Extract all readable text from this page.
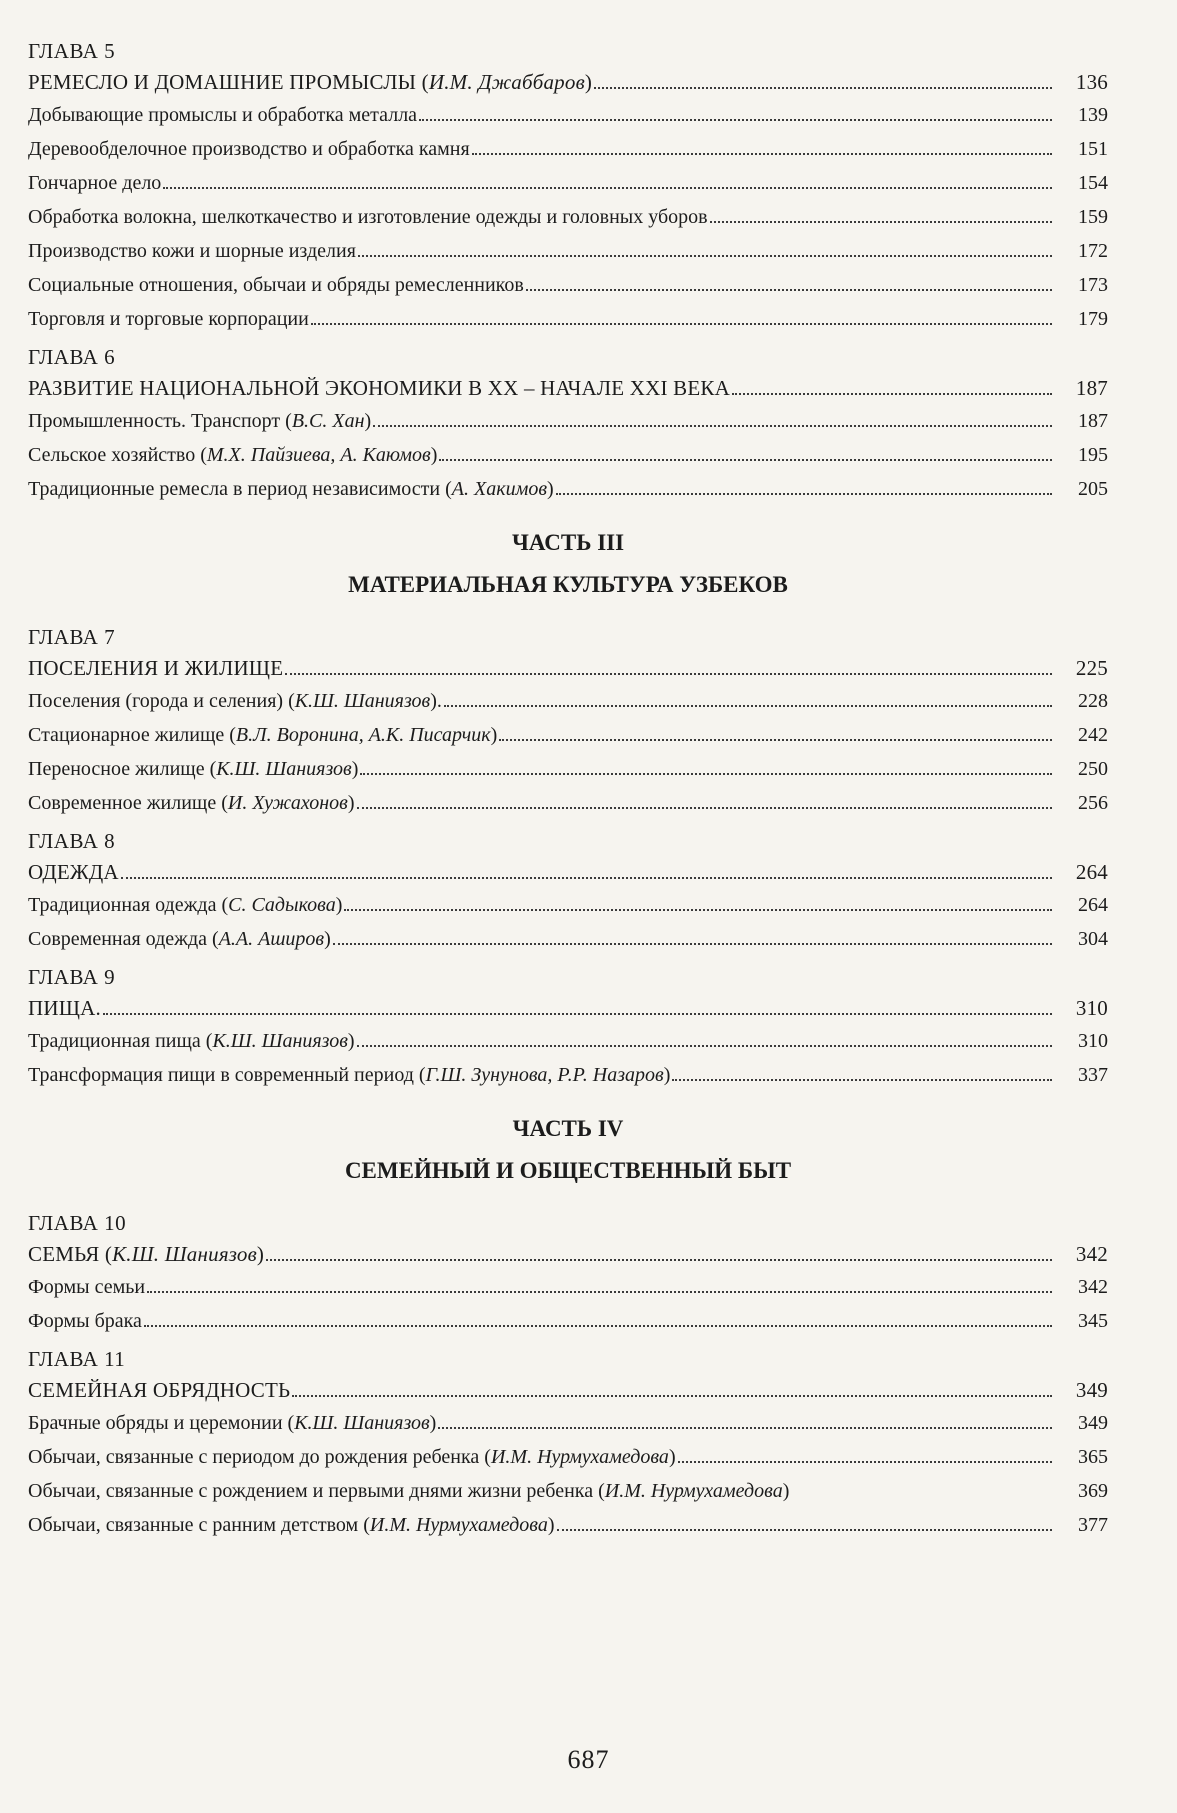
ГЛАВА 5
РЕМЕСЛО И ДОМАШНИЕ ПРОМЫСЛЫ (И.М. Джаббаров)	136
Добывающие промыслы и обработка металла	139
Деревообделочное производство и обработка камня	151
Гончарное дело	154
Обработка волокна, шелкоткачество и изготовление одежды и головных уборов	159
Производство кожи и шорные изделия	172
Социальные отношения, обычаи и обряды ремесленников	173
Торговля и торговые корпорации	179
ГЛАВА 6
РАЗВИТИЕ НАЦИОНАЛЬНОЙ ЭКОНОМИКИ В ХХ – НАЧАЛЕ XXI ВЕКА	187
Промышленность. Транспорт (В.С. Хан)	187
Сельское хозяйство (М.Х. Пайзиева, А. Каюмов)	195
Традиционные ремесла в период независимости (А. Хакимов)	205
ЧАСТЬ III
МАТЕРИАЛЬНАЯ КУЛЬТУРА УЗБЕКОВ
ГЛАВА 7
ПОСЕЛЕНИЯ И ЖИЛИЩЕ	225
Поселения (города и селения) (К.Ш. Шаниязов).	228
Стационарное жилище (В.Л. Воронина, А.К. Писарчик)	242
Переносное жилище (К.Ш. Шаниязов)	250
Современное жилище (И. Хужахонов)	256
ГЛАВА 8
ОДЕЖДА	264
Традиционная одежда (С. Садыкова)	264
Современная одежда (А.А. Аширов)	304
ГЛАВА 9
ПИЩА.	310
Традиционная пища (К.Ш. Шаниязов)	310
Трансформация пищи в современный период (Г.Ш. Зунунова, Р.Р. Назаров)	337
ЧАСТЬ IV
СЕМЕЙНЫЙ И ОБЩЕСТВЕННЫЙ БЫТ
ГЛАВА 10
СЕМЬЯ (К.Ш. Шаниязов)	342
Формы семьи	342
Формы брака	345
ГЛАВА 11
СЕМЕЙНАЯ ОБРЯДНОСТЬ	349
Брачные обряды и церемонии (К.Ш. Шаниязов)	349
Обычаи, связанные с периодом до рождения ребенка (И.М. Нурмухамедова)	365
Обычаи, связанные с рождением и первыми днями жизни ребенка (И.М. Нурмухамедова)	369
Обычаи, связанные с ранним детством (И.М. Нурмухамедова)	377
687
